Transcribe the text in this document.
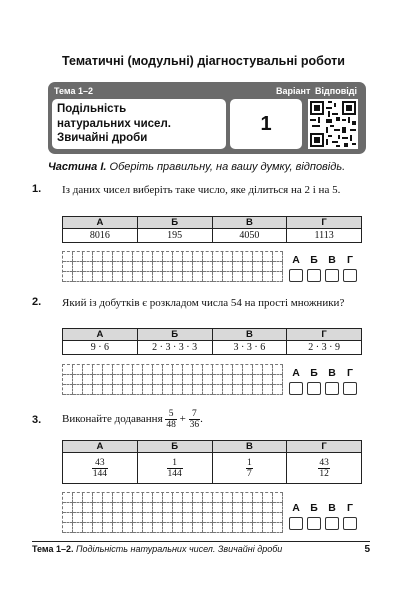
Тематичні (модульні) діагностувальні роботи
Тема 1–2	Варіант Відповіді
Подільність
натуральних чисел.
Звичайні дроби
1
Частина I. Оберіть правильну, на вашу думку, відповідь.
1. Із даних чисел виберіть таке число, яке ділиться на 2 і на 5.
А	Б	В	Г
8016	195	4050	1113
А Б В	Г
2. Який із добутків є розкладом числа 54 на прості множники?
А	Б	В	Г
9 · 6	2 · 3 · 3 · 3	3 · 3 · 6	2 · 3 · 9
А Б В	Г
3. Виконайте додавання $\frac{5}{48} + \frac{7}{36}$ .
А	Б	В	Г

$\frac{43}{144}$	$\frac{1}{144}$	$\frac{1}{7}$	$\frac{43}{12}$
А Б В	Г
Тема 1–2. Подільність натуральних чисел. Звичайні дроби	5
